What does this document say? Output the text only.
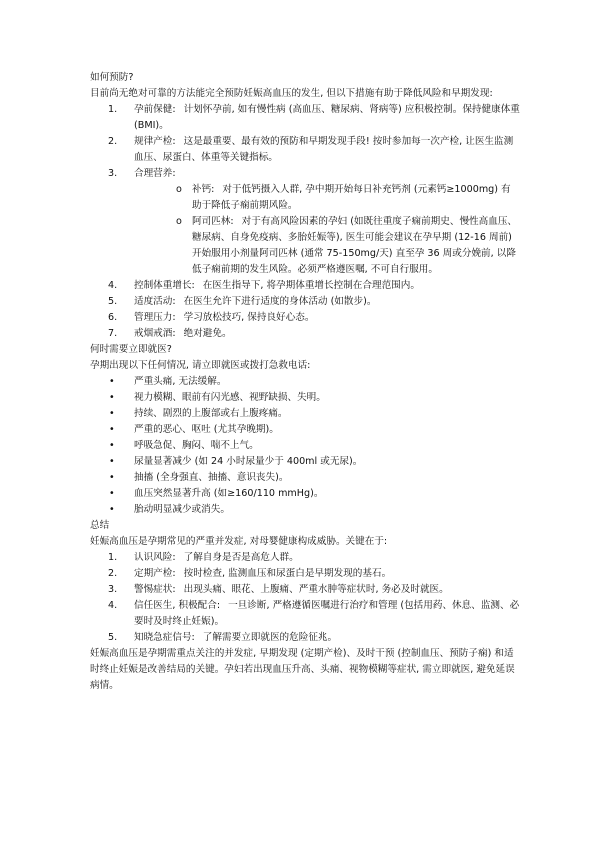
如何预防?
目前尚无绝对可靠的方法能完全预防妊娠高血压的发生, 但以下措施有助于降低风险和早期发现:
1. 孕前保健: 计划怀孕前, 如有慢性病 (高血压、糖尿病、肾病等) 应积极控制。保持健康体重 (BMI)。
2. 规律产检: 这是最重要、最有效的预防和早期发现手段! 按时参加每一次产检, 让医生监测血压、尿蛋白、体重等关键指标。
3. 合理营养:
o 补钙: 对于低钙摄入人群, 孕中期开始每日补充钙剂 (元素钙≥1000mg) 有助于降低子痫前期风险。
o 阿司匹林: 对于有高风险因素的孕妇 (如既往重度子痫前期史、慢性高血压、糖尿病、自身免疫病、多胎妊娠等), 医生可能会建议在孕早期 (12-16 周前) 开始服用小剂量阿司匹林 (通常 75-150mg/天) 直至孕 36 周或分娩前, 以降低子痫前期的发生风险。必须严格遵医嘱, 不可自行服用。
4. 控制体重增长: 在医生指导下, 将孕期体重增长控制在合理范围内。
5. 适度活动: 在医生允许下进行适度的身体活动 (如散步)。
6. 管理压力: 学习放松技巧, 保持良好心态。
7. 戒烟戒酒: 绝对避免。
何时需要立即就医?
孕期出现以下任何情况, 请立即就医或拨打急救电话:
• 严重头痛, 无法缓解。
• 视力模糊、眼前有闪光感、视野缺损、失明。
• 持续、剧烈的上腹部或右上腹疼痛。
• 严重的恶心、呕吐 (尤其孕晚期)。
• 呼吸急促、胸闷、喘不上气。
• 尿量显著减少 (如 24 小时尿量少于 400ml 或无尿)。
• 抽搐 (全身强直、抽搐、意识丧失)。
• 血压突然显著升高 (如≥160/110 mmHg)。
• 胎动明显减少或消失。
总结
妊娠高血压是孕期常见的严重并发症, 对母婴健康构成威胁。关键在于:
1. 认识风险: 了解自身是否是高危人群。
2. 定期产检: 按时检查, 监测血压和尿蛋白是早期发现的基石。
3. 警惕症状: 出现头痛、眼花、上腹痛、严重水肿等症状时, 务必及时就医。
4. 信任医生, 积极配合: 一旦诊断, 严格遵循医嘱进行治疗和管理 (包括用药、休息、监测、必要时及时终止妊娠)。
5. 知晓急症信号: 了解需要立即就医的危险征兆。
妊娠高血压是孕期需重点关注的并发症, 早期发现 (定期产检)、及时干预 (控制血压、预防子痫) 和适时终止妊娠是改善结局的关键。孕妇若出现血压升高、头痛、视物模糊等症状, 需立即就医, 避免延误病情。
